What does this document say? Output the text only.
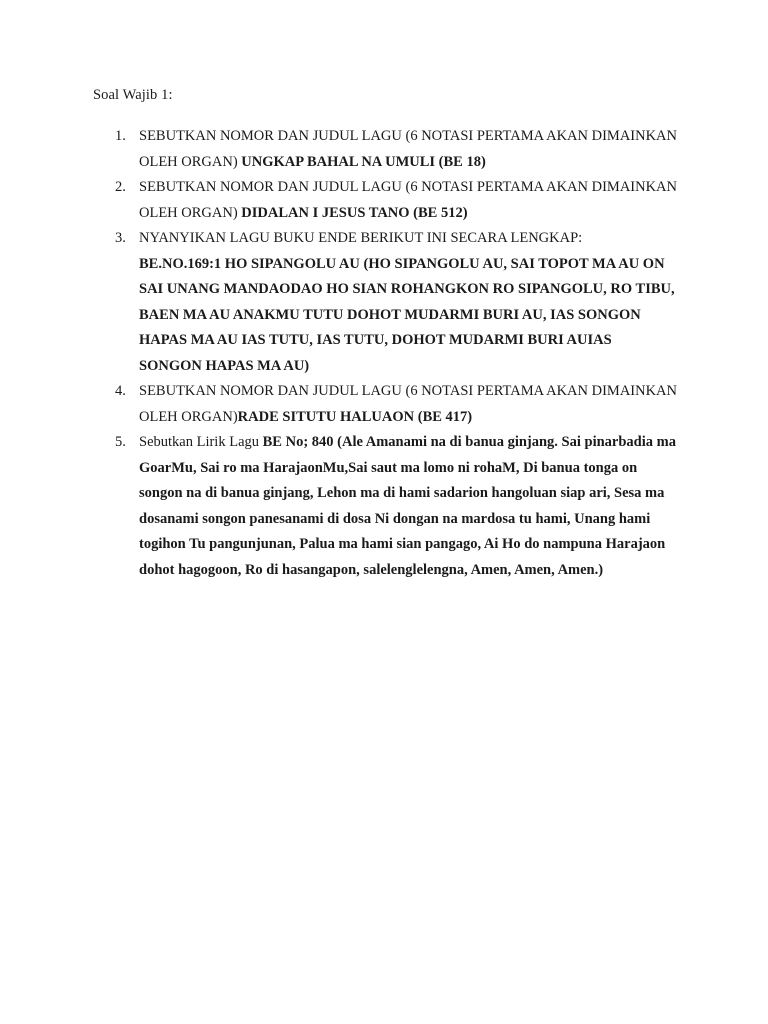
Soal Wajib 1:
1. SEBUTKAN NOMOR DAN JUDUL LAGU (6 NOTASI PERTAMA AKAN DIMAINKAN OLEH ORGAN) UNGKAP BAHAL NA UMULI (BE 18)
2. SEBUTKAN NOMOR DAN JUDUL LAGU (6 NOTASI PERTAMA AKAN DIMAINKAN OLEH ORGAN) DIDALAN I JESUS TANO (BE 512)
3. NYANYIKAN LAGU BUKU ENDE BERIKUT INI SECARA LENGKAP:
BE.NO.169:1 HO SIPANGOLU AU (HO SIPANGOLU AU, SAI TOPOT MA AU ON SAI UNANG MANDAODAO HO SIAN ROHANGKON RO SIPANGOLU, RO TIBU, BAEN MA AU ANAKMU TUTU DOHOT MUDARMI BURI AU, IAS SONGON HAPAS MA AU IAS TUTU, IAS TUTU, DOHOT MUDARMI BURI AUIAS SONGON HAPAS MA AU)
4. SEBUTKAN NOMOR DAN JUDUL LAGU (6 NOTASI PERTAMA AKAN DIMAINKAN OLEH ORGAN)RADE SITUTU HALUAON (BE 417)
5. Sebutkan Lirik Lagu BE No; 840 (Ale Amanami na di banua ginjang. Sai pinarbadia ma GoarMu, Sai ro ma HarajaonMu,Sai saut ma lomo ni rohaM, Di banua tonga on songon na di banua ginjang, Lehon ma di hami sadarion hangoluan siap ari, Sesa ma dosanami songon panesanami di dosa Ni dongan na mardosa tu hami, Unang hami togihon Tu pangunjunan, Palua ma hami sian pangago, Ai Ho do nampuna Harajaon dohot hagogoon, Ro di hasangapon, salelenglelengna, Amen, Amen, Amen.)
